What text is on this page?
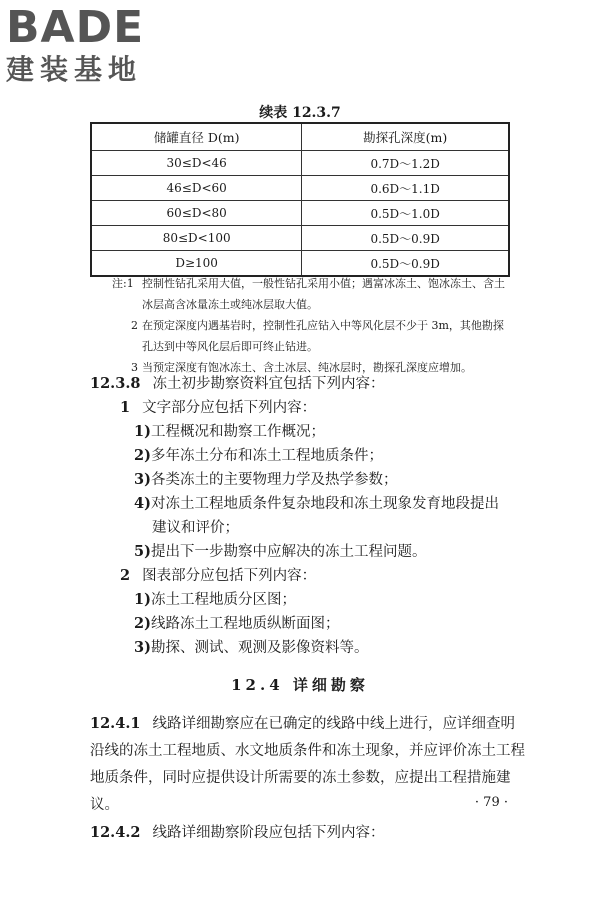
BADE
建装基地
续表 12.3.7
储罐直径 D(m)	勘探孔深度(m)
30≤D<46	0.7D～1.2D
46≤D<60	0.6D～1.1D
60≤D<80	0.5D～1.0D
80≤D<100	0.5D～0.9D
D≥100	0.5D～0.9D
注:1 控制性钻孔采用大值，一般性钻孔采用小值；遇富冰冻土、饱冰冻土、含土
冰层高含冰量冻土或纯冰层取大值。
2 在预定深度内遇基岩时，控制性孔应钻入中等风化层不少于 3m，其他勘探
孔达到中等风化层后即可终止钻进。
3 当预定深度有饱冰冻土、含土冰层、纯冰层时，勘探孔深度应增加。
12.3.8 冻土初步勘察资料宜包括下列内容：
1 文字部分应包括下列内容：
1)工程概况和勘察工作概况；
2)多年冻土分布和冻土工程地质条件；
3)各类冻土的主要物理力学及热学参数；
4)对冻土工程地质条件复杂地段和冻土现象发育地段提出
建议和评价；
5)提出下一步勘察中应解决的冻土工程问题。
2 图表部分应包括下列内容：
1)冻土工程地质分区图；
2)线路冻土工程地质纵断面图；
3)勘探、测试、观测及影像资料等。
12.4 详细勘察
12.4.1 线路详细勘察应在已确定的线路中线上进行，应详细查明
沿线的冻土工程地质、水文地质条件和冻土现象，并应评价冻土工程
地质条件，同时应提供设计所需要的冻土参数，应提出工程措施建议。
12.4.2 线路详细勘察阶段应包括下列内容：
· 79 ·
